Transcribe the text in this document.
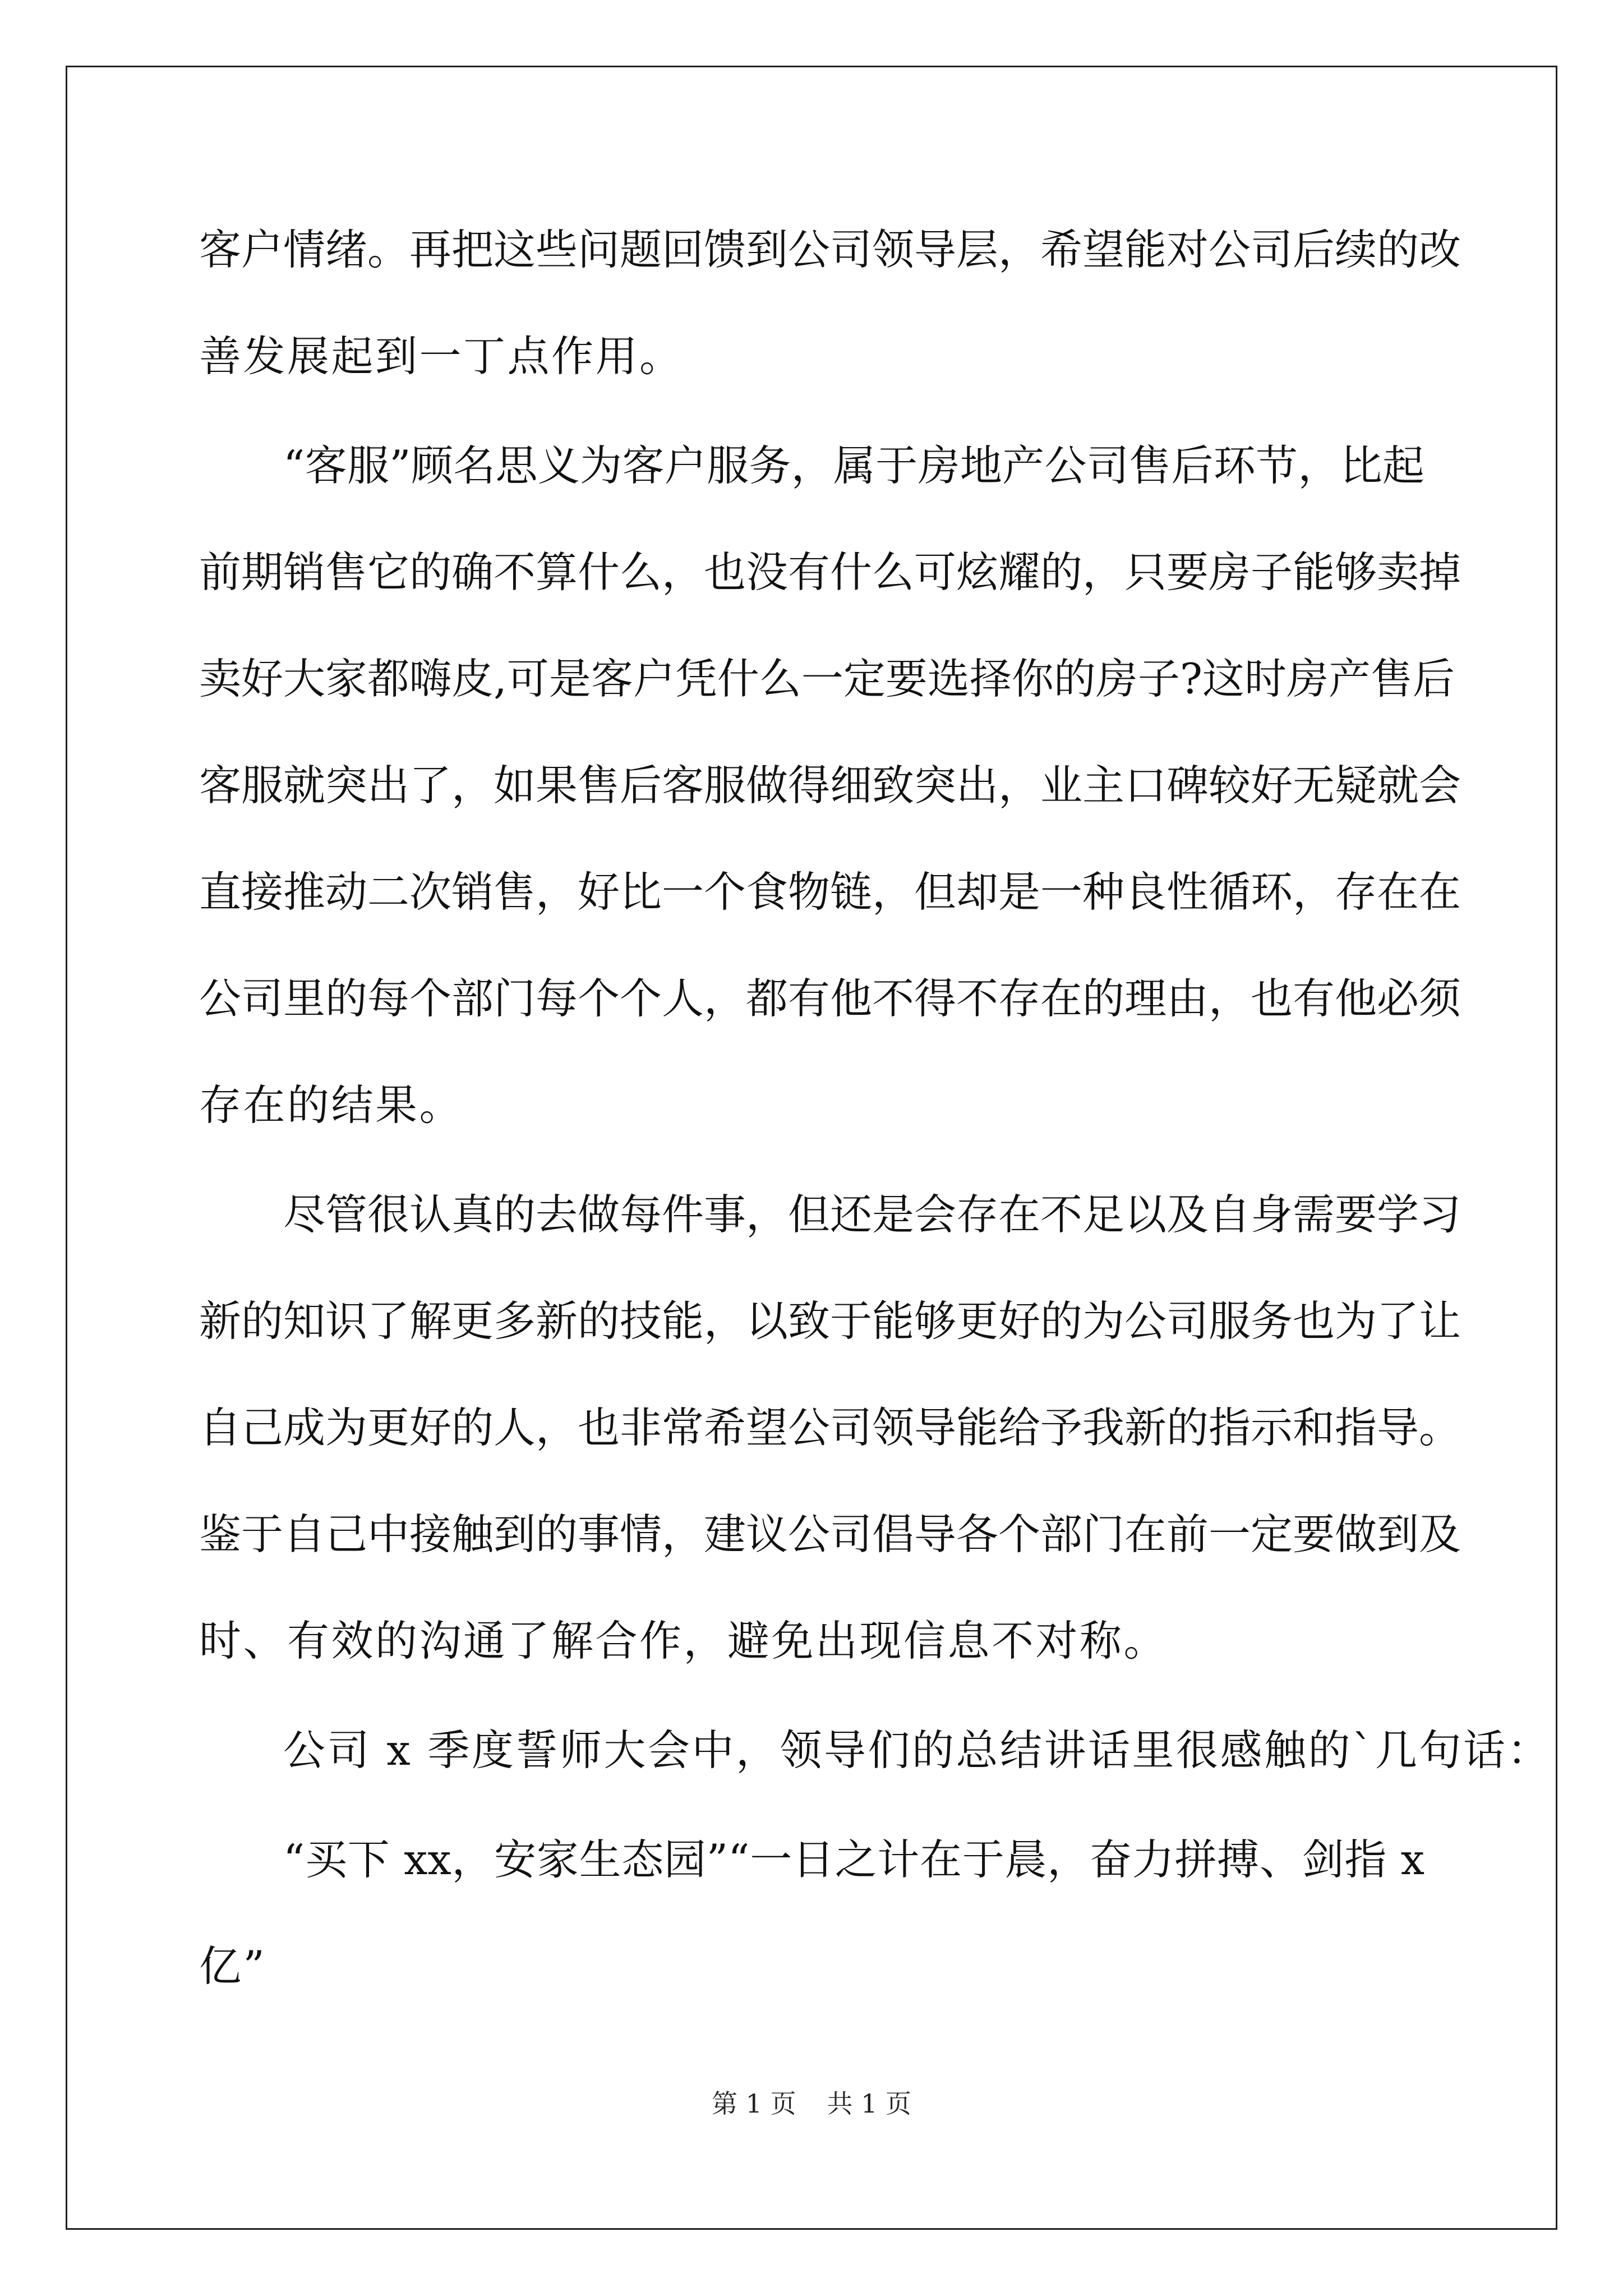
客户情绪。再把这些问题回馈到公司领导层，希望能对公司后续的改
善发展起到一丁点作用。
“客服”顾名思义为客户服务，属于房地产公司售后环节，比起
前期销售它的确不算什么，也没有什么可炫耀的，只要房子能够卖掉
卖好大家都嗨皮,可是客户凭什么一定要选择你的房子?这时房产售后
客服就突出了，如果售后客服做得细致突出，业主口碑较好无疑就会
直接推动二次销售，好比一个食物链，但却是一种良性循环，存在在
公司里的每个部门每个个人，都有他不得不存在的理由，也有他必须
存在的结果。
尽管很认真的去做每件事，但还是会存在不足以及自身需要学习
新的知识了解更多新的技能，以致于能够更好的为公司服务也为了让
自己成为更好的人，也非常希望公司领导能给予我新的指示和指导。
鉴于自己中接触到的事情，建议公司倡导各个部门在前一定要做到及
时、有效的沟通了解合作，避免出现信息不对称。
公司 x 季度誓师大会中，领导们的总结讲话里很感触的`几句话：
“买下 xx，安家生态园”“一日之计在于晨，奋力拼搏、剑指 x
亿”
第 1 页 共 1 页
